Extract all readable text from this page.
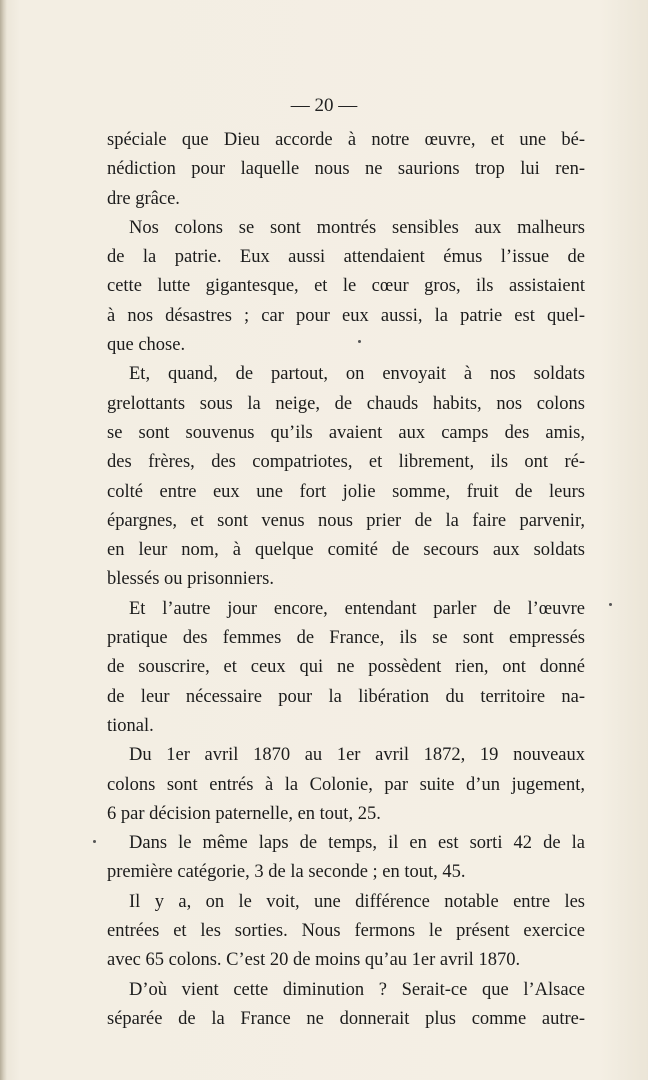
— 20 —
spéciale que Dieu accorde à notre œuvre, et une bé-
nédiction pour laquelle nous ne saurions trop lui ren-
dre grâce.
Nos colons se sont montrés sensibles aux malheurs
de la patrie. Eux aussi attendaient émus l’issue de
cette lutte gigantesque, et le cœur gros, ils assistaient
à nos désastres ; car pour eux aussi, la patrie est quel-
que chose.
Et, quand, de partout, on envoyait à nos soldats
grelottants sous la neige, de chauds habits, nos colons
se sont souvenus qu’ils avaient aux camps des amis,
des frères, des compatriotes, et librement, ils ont ré-
colté entre eux une fort jolie somme, fruit de leurs
épargnes, et sont venus nous prier de la faire parvenir,
en leur nom, à quelque comité de secours aux soldats
blessés ou prisonniers.
Et l’autre jour encore, entendant parler de l’œuvre
pratique des femmes de France, ils se sont empressés
de souscrire, et ceux qui ne possèdent rien, ont donné
de leur nécessaire pour la libération du territoire na-
tional.
Du 1er avril 1870 au 1er avril 1872, 19 nouveaux
colons sont entrés à la Colonie, par suite d’un jugement,
6 par décision paternelle, en tout, 25.
Dans le même laps de temps, il en est sorti 42 de la
première catégorie, 3 de la seconde ; en tout, 45.
Il y a, on le voit, une différence notable entre les
entrées et les sorties. Nous fermons le présent exercice
avec 65 colons. C’est 20 de moins qu’au 1er avril 1870.
D’où vient cette diminution ? Serait-ce que l’Alsace
séparée de la France ne donnerait plus comme autre-
